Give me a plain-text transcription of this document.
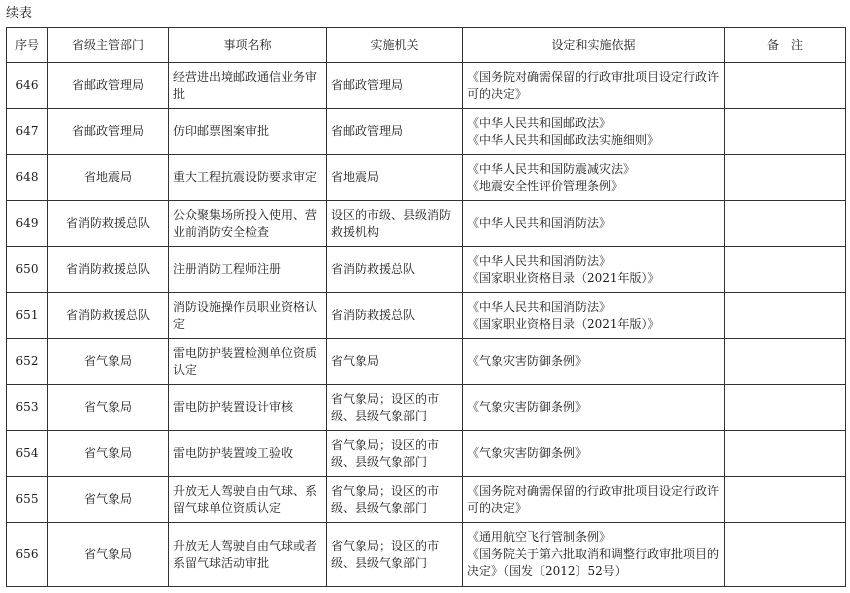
续表
序号	省级主管部门	事项名称	实施机关	设定和实施依据	备　注
646	省邮政管理局	经营进出境邮政通信业务审批	省邮政管理局	《国务院对确需保留的行政审批项目设定行政许可的决定》	

647	省邮政管理局	仿印邮票图案审批	省邮政管理局	《中华人民共和国邮政法》
《中华人民共和国邮政法实施细则》	

648	省地震局	重大工程抗震设防要求审定	省地震局	《中华人民共和国防震减灾法》
《地震安全性评价管理条例》	

649	省消防救援总队	公众聚集场所投入使用、营业前消防安全检查	设区的市级、县级消防救援机构	《中华人民共和国消防法》	

650	省消防救援总队	注册消防工程师注册	省消防救援总队	《中华人民共和国消防法》
《国家职业资格目录（2021年版）》	

651	省消防救援总队	消防设施操作员职业资格认定	省消防救援总队	《中华人民共和国消防法》
《国家职业资格目录（2021年版）》	

652	省气象局	雷电防护装置检测单位资质认定	省气象局	《气象灾害防御条例》	

653	省气象局	雷电防护装置设计审核	省气象局；设区的市级、县级气象部门	《气象灾害防御条例》	

654	省气象局	雷电防护装置竣工验收	省气象局；设区的市级、县级气象部门	《气象灾害防御条例》	

655	省气象局	升放无人驾驶自由气球、系留气球单位资质认定	省气象局；设区的市级、县级气象部门	《国务院对确需保留的行政审批项目设定行政许可的决定》	

656	省气象局	升放无人驾驶自由气球或者系留气球活动审批	省气象局；设区的市级、县级气象部门	《通用航空飞行管制条例》
《国务院关于第六批取消和调整行政审批项目的决定》（国发〔2012〕52号）	
